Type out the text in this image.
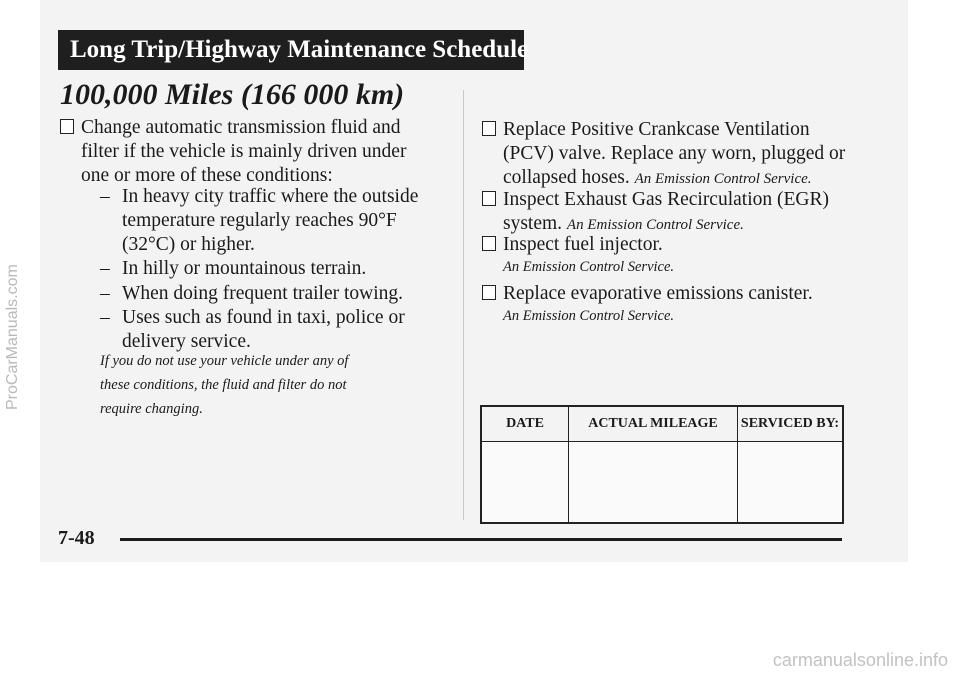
Long Trip/Highway Maintenance Schedule
100,000 Miles (166 000 km)
Change automatic transmission fluid and
filter if the vehicle is mainly driven under
one or more of these conditions:
– In heavy city traffic where the outside
temperature regularly reaches 90°F
(32°C) or higher.
– In hilly or mountainous terrain.
– When doing frequent trailer towing.
– Uses such as found in taxi, police or
delivery service.
If you do not use your vehicle under any of
these conditions, the fluid and filter do not
require changing.
Replace Positive Crankcase Ventilation
(PCV) valve. Replace any worn, plugged or
collapsed hoses. An Emission Control Service.
Inspect Exhaust Gas Recirculation (EGR)
system. An Emission Control Service.
Inspect fuel injector.
An Emission Control Service.
Replace evaporative emissions canister.
An Emission Control Service.
DATE	ACTUAL MILEAGE	SERVICED BY:

7-48
ProCarManuals.com
carmanualsonline.info
